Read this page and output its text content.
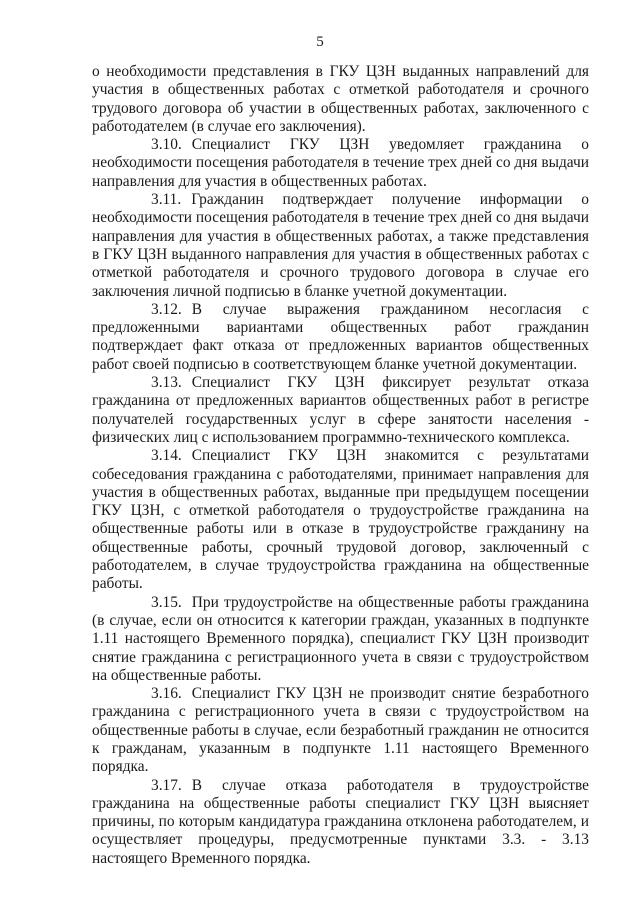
5

о необходимости представления в ГКУ ЦЗН выданных направлений для участия в общественных работах с отметкой работодателя и срочного трудового договора об участии в общественных работах, заключенного с работодателем (в случае его заключения).

3.10. Специалист ГКУ ЦЗН уведомляет гражданина о необходимости посещения работодателя в течение трех дней со дня выдачи направления для участия в общественных работах.

3.11. Гражданин подтверждает получение информации о необходимости посещения работодателя в течение трех дней со дня выдачи направления для участия в общественных работах, а также представления в ГКУ ЦЗН выданного направления для участия в общественных работах с отметкой работодателя и срочного трудового договора в случае его заключения личной подписью в бланке учетной документации.

3.12. В случае выражения гражданином несогласия с предложенными вариантами общественных работ гражданин подтверждает факт отказа от предложенных вариантов общественных работ своей подписью в соответствующем бланке учетной документации.

3.13. Специалист ГКУ ЦЗН фиксирует результат отказа гражданина от предложенных вариантов общественных работ в регистре получателей государственных услуг в сфере занятости населения - физических лиц с использованием программно-технического комплекса.

3.14. Специалист ГКУ ЦЗН знакомится с результатами собеседования гражданина с работодателями, принимает направления для участия в общественных работах, выданные при предыдущем посещении ГКУ ЦЗН, с отметкой работодателя о трудоустройстве гражданина на общественные работы или в отказе в трудоустройстве гражданину на общественные работы, срочный трудовой договор, заключенный с работодателем, в случае трудоустройства гражданина на общественные работы.

3.15. При трудоустройстве на общественные работы гражданина (в случае, если он относится к категории граждан, указанных в подпункте 1.11 настоящего Временного порядка), специалист ГКУ ЦЗН производит снятие гражданина с регистрационного учета в связи с трудоустройством на общественные работы.

3.16. Специалист ГКУ ЦЗН не производит снятие безработного гражданина с регистрационного учета в связи с трудоустройством на общественные работы в случае, если безработный гражданин не относится к гражданам, указанным в подпункте 1.11 настоящего Временного порядка.

3.17. В случае отказа работодателя в трудоустройстве гражданина на общественные работы специалист ГКУ ЦЗН выясняет причины, по которым кандидатура гражданина отклонена работодателем, и осуществляет процедуры, предусмотренные пунктами 3.3. - 3.13 настоящего Временного порядка.
